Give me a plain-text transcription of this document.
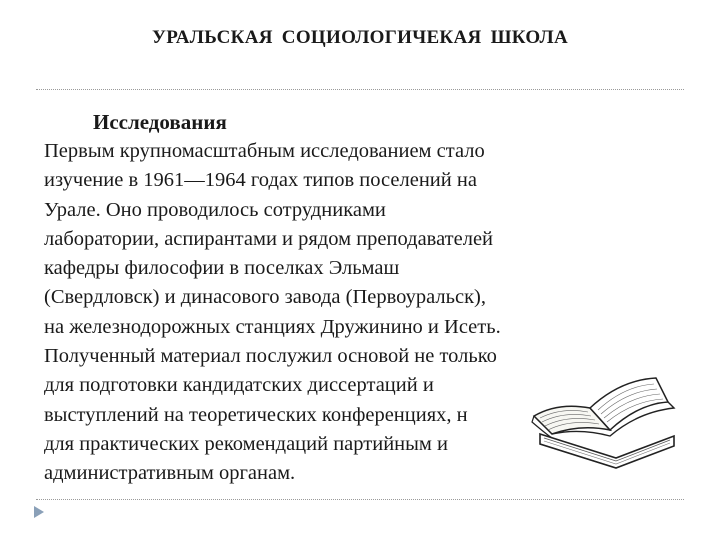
УРАЛЬСКАЯ СОЦИОЛОГИЧЕКАЯ ШКОЛА
Исследования
Первым крупномасштабным исследованием стало
изучение в 1961—1964 годах типов поселений на
Урале. Оно проводилось сотрудниками
лаборатории, аспирантами и рядом преподавателей
кафедры философии в поселках Эльмаш
(Свердловск) и динасового завода (Первоуральск),
на железнодорожных станциях Дружинино и Исеть.
Полученный материал послужил основой не только
для подготовки кандидатских диссертаций и
выступлений на теоретических конференциях, н
для практических рекомендаций партийным и
административным органам.
